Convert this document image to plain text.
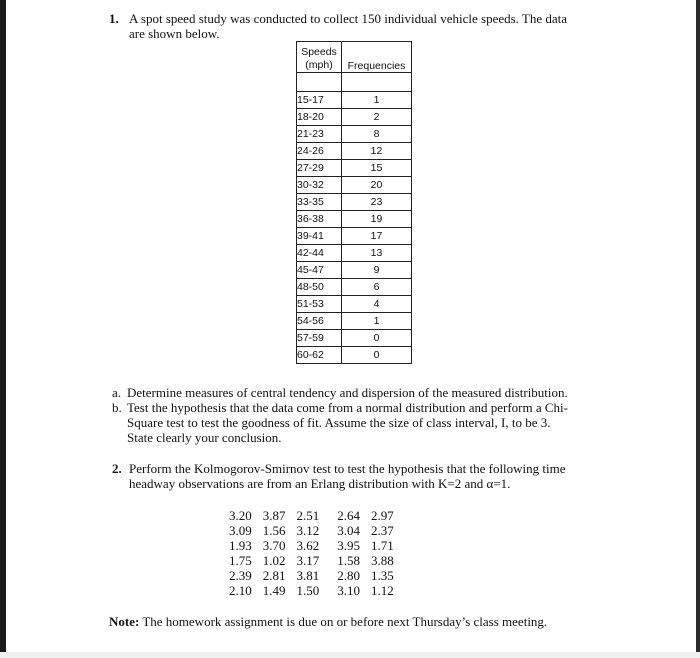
1. A spot speed study was conducted to collect 150 individual vehicle speeds. The data
are shown below.
Speeds
(mph)	Frequencies

15-17	1
18-20	2
21-23	8
24-26	12
27-29	15
30-32	20
33-35	23
36-38	19
39-41	17
42-44	13
45-47	9
48-50	6
51-53	4
54-56	1
57-59	0
60-62	0
a. Determine measures of central tendency and dispersion of the measured distribution.
b. Test the hypothesis that the data come from a normal distribution and perform a Chi-
Square test to test the goodness of fit. Assume the size of class interval, I, to be 3.
State clearly your conclusion.
2. Perform the Kolmogorov-Smirnov test to test the hypothesis that the following time
headway observations are from an Erlang distribution with K=2 and α=1.
3.20		3.87		2.51		2.64		2.97
3.09		1.56		3.12		3.04		2.37
1.93		3.70		3.62		3.95		1.71
1.75		1.02		3.17		1.58		3.88
2.39		2.81		3.81		2.80		1.35
2.10		1.49		1.50		3.10		1.12
Note: The homework assignment is due on or before next Thursday’s class meeting.
